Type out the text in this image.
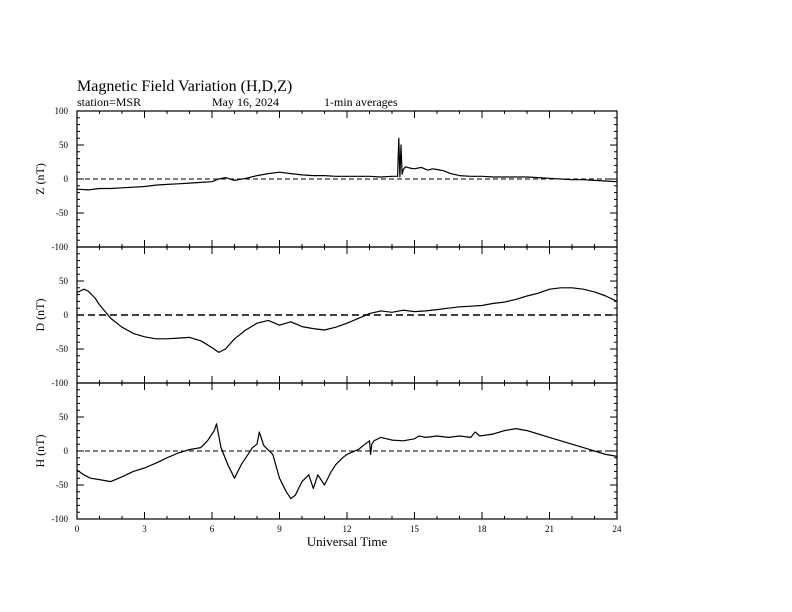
Magnetic Field Variation (H,D,Z)
station=MSR	May 16, 2024	1-min averages
100
50
0
-50
-100
Z (nT)
50
0
-50
-100
D (nT)
50
0
-50
-100
H (nT)
0	3	6	9	12	15	18	21	24
Universal Time
